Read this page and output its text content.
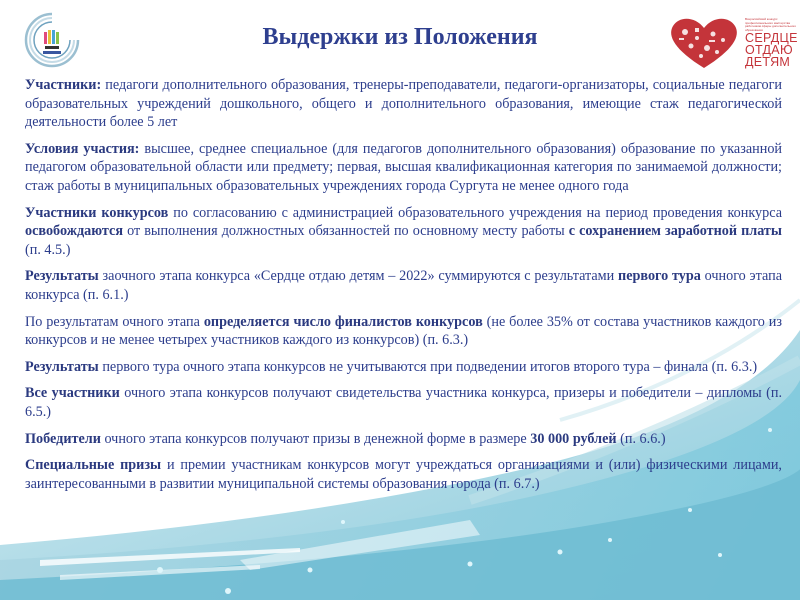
Выдержки из Положения
Всероссийский конкурс профессионального мастерства работников сферы дополнительного образования
СЕРДЦЕ
ОТДАЮ
ДЕТЯМ

Участники: педагоги дополнительного образования, тренеры-преподаватели, педагоги-организаторы, социальные педагоги образовательных учреждений дошкольного, общего и дополнительного образования, имеющие стаж педагогической деятельности более 5 лет

Условия участия: высшее, среднее специальное (для педагогов дополнительного образования) образование по указанной педагогом образовательной области или предмету; первая, высшая квалификационная категория по занимаемой должности; стаж работы в муниципальных образовательных учреждениях города Сургута не менее одного года

Участники конкурсов по согласованию с администрацией образовательного учреждения на период проведения конкурса освобождаются от выполнения должностных обязанностей по основному месту работы с сохранением заработной платы (п. 4.5.)

Результаты заочного этапа конкурса «Сердце отдаю детям – 2022» суммируются с результатами первого тура очного этапа конкурса (п. 6.1.)

По результатам очного этапа определяется число финалистов конкурсов (не более 35% от состава участников каждого из конкурсов и не менее четырех участников каждого из конкурсов) (п. 6.3.)

Результаты первого тура очного этапа конкурсов не учитываются при подведении итогов второго тура – финала (п. 6.3.)

Все участники очного этапа конкурсов получают свидетельства участника конкурса, призеры и победители – дипломы (п. 6.5.)

Победители очного этапа конкурсов получают призы в денежной форме в размере 30 000 рублей (п. 6.6.)

Специальные призы и премии участникам конкурсов могут учреждаться организациями и (или) физическими лицами, заинтересованными в развитии муниципальной системы образования города (п. 6.7.)
